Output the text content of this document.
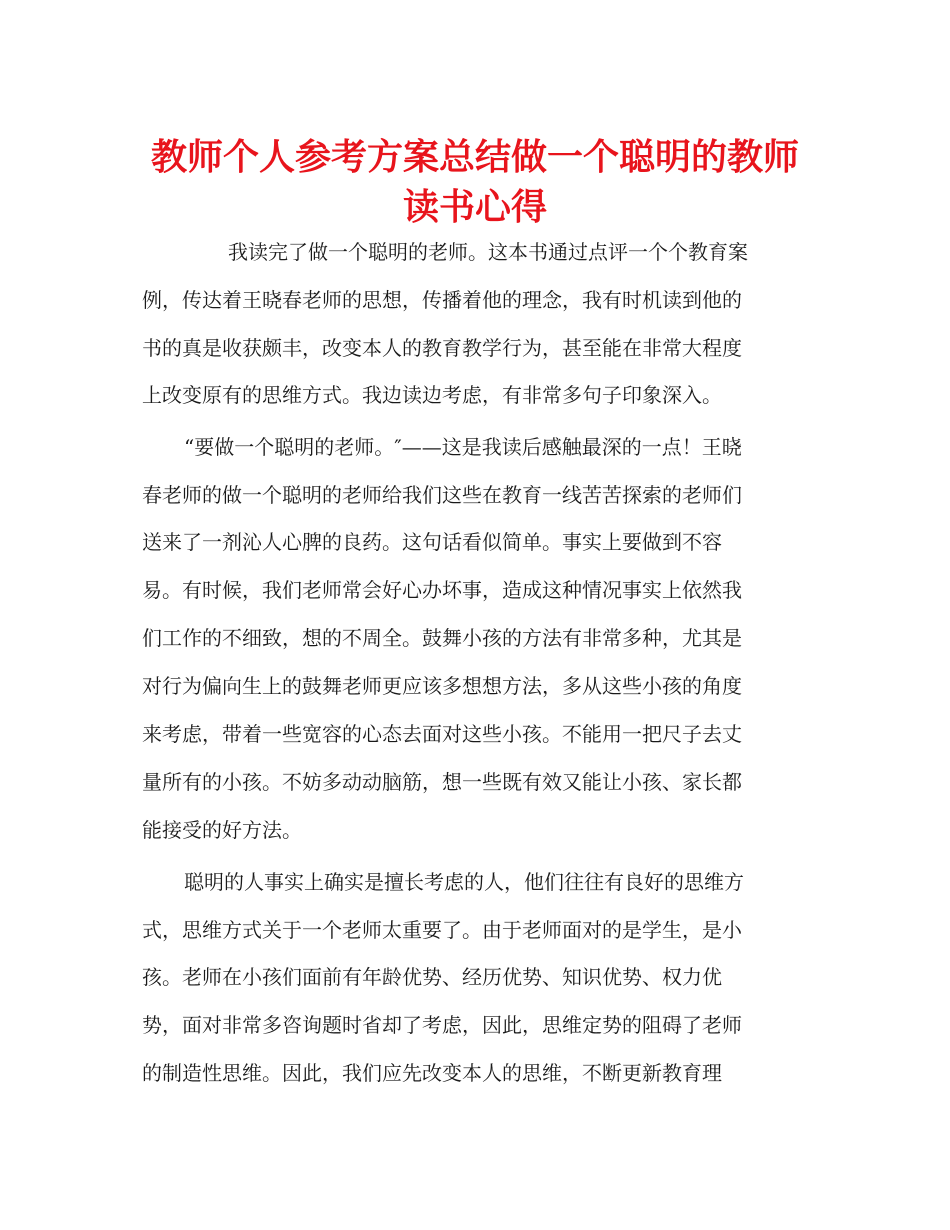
教师个人参考方案总结做一个聪明的教师
读书心得

我读完了做一个聪明的老师。这本书通过点评一个个教育案

例，传达着王晓春老师的思想，传播着他的理念，我有时机读到他的

书的真是收获颇丰，改变本人的教育教学行为，甚至能在非常大程度

上改变原有的思维方式。我边读边考虑，有非常多句子印象深入。

“要做一个聪明的老师。″——这是我读后感触最深的一点！王晓

春老师的做一个聪明的老师给我们这些在教育一线苦苦探索的老师们

送来了一剂沁人心脾的良药。这句话看似简单。事实上要做到不容

易。有时候，我们老师常会好心办坏事，造成这种情况事实上依然我

们工作的不细致，想的不周全。鼓舞小孩的方法有非常多种，尤其是

对行为偏向生上的鼓舞老师更应该多想想方法，多从这些小孩的角度

来考虑，带着一些宽容的心态去面对这些小孩。不能用一把尺子去丈

量所有的小孩。不妨多动动脑筋，想一些既有效又能让小孩、家长都

能接受的好方法。

聪明的人事实上确实是擅长考虑的人，他们往往有良好的思维方

式，思维方式关于一个老师太重要了。由于老师面对的是学生，是小

孩。老师在小孩们面前有年龄优势、经历优势、知识优势、权力优

势，面对非常多咨询题时省却了考虑，因此，思维定势的阻碍了老师

的制造性思维。因此，我们应先改变本人的思维，不断更新教育理
